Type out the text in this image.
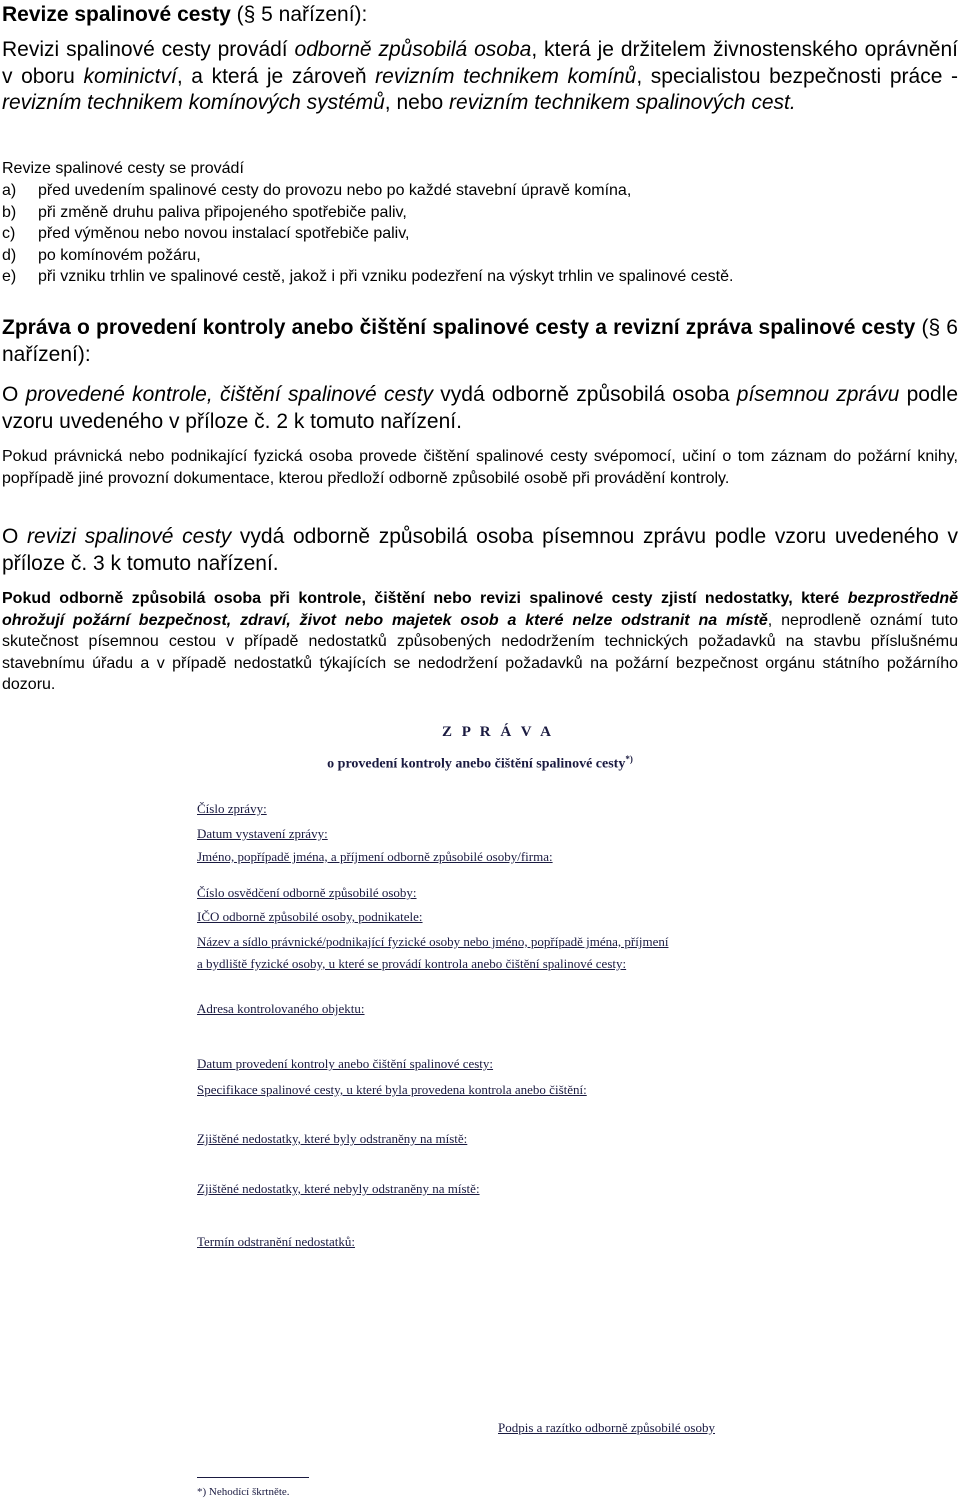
Revize spalinové cesty (§ 5 nařízení):
Revizi spalinové cesty provádí odborně způsobilá osoba, která je držitelem živnostenského oprávnění v oboru kominictví, a která je zároveň revizním technikem komínů, specialistou bezpečnosti práce - revizním technikem komínových systémů, nebo revizním technikem spalinových cest.
Revize spalinové cesty se provádí
a)	před uvedením spalinové cesty do provozu nebo po každé stavební úpravě komína,
b)	při změně druhu paliva připojeného spotřebiče paliv,
c)	před výměnou nebo novou instalací spotřebiče paliv,
d)	po komínovém požáru,
e)	při vzniku trhlin ve spalinové cestě, jakož i při vzniku podezření na výskyt trhlin ve spalinové cestě.
Zpráva o provedení kontroly anebo čištění spalinové cesty a revizní zpráva spalinové cesty (§ 6 nařízení):
O provedené kontrole, čištění spalinové cesty vydá odborně způsobilá osoba písemnou zprávu podle vzoru uvedeného v příloze č. 2 k tomuto nařízení.
Pokud právnická nebo podnikající fyzická osoba provede čištění spalinové cesty svépomocí, učiní o tom záznam do požární knihy, popřípadě jiné provozní dokumentace, kterou předloží odborně způsobilé osobě při provádění kontroly.
O revizi spalinové cesty vydá odborně způsobilá osoba písemnou zprávu podle vzoru uvedeného v příloze č. 3 k tomuto nařízení.
Pokud odborně způsobilá osoba při kontrole, čištění nebo revizi spalinové cesty zjistí nedostatky, které bezprostředně ohrožují požární bezpečnost, zdraví, život nebo majetek osob a které nelze odstranit na místě, neprodleně oznámí tuto skutečnost písemnou cestou v případě nedostatků způsobených nedodržením technických požadavků na stavbu příslušnému stavebnímu úřadu a v případě nedostatků týkajících se nedodržení požadavků na požární bezpečnost orgánu státního požárního dozoru.
Z P R Á V A
o provedení kontroly anebo čištění spalinové cesty*)
Číslo zprávy:
Datum vystavení zprávy:
Jméno, popřípadě jména, a příjmení odborně způsobilé osoby/firma:
Číslo osvědčení odborně způsobilé osoby:
IČO odborně způsobilé osoby, podnikatele:
Název a sídlo právnické/podnikající fyzické osoby nebo jméno, popřípadě jména, příjmení
a bydliště fyzické osoby, u které se provádí kontrola anebo čištění spalinové cesty:
Adresa kontrolovaného objektu:
Datum provedení kontroly anebo čištění spalinové cesty:
Specifikace spalinové cesty, u které byla provedena kontrola anebo čištění:
Zjištěné nedostatky, které byly odstraněny na místě:
Zjištěné nedostatky, které nebyly odstraněny na místě:
Termín odstranění nedostatků:
Podpis a razítko odborně způsobilé osoby
*) Nehodící škrtněte.
